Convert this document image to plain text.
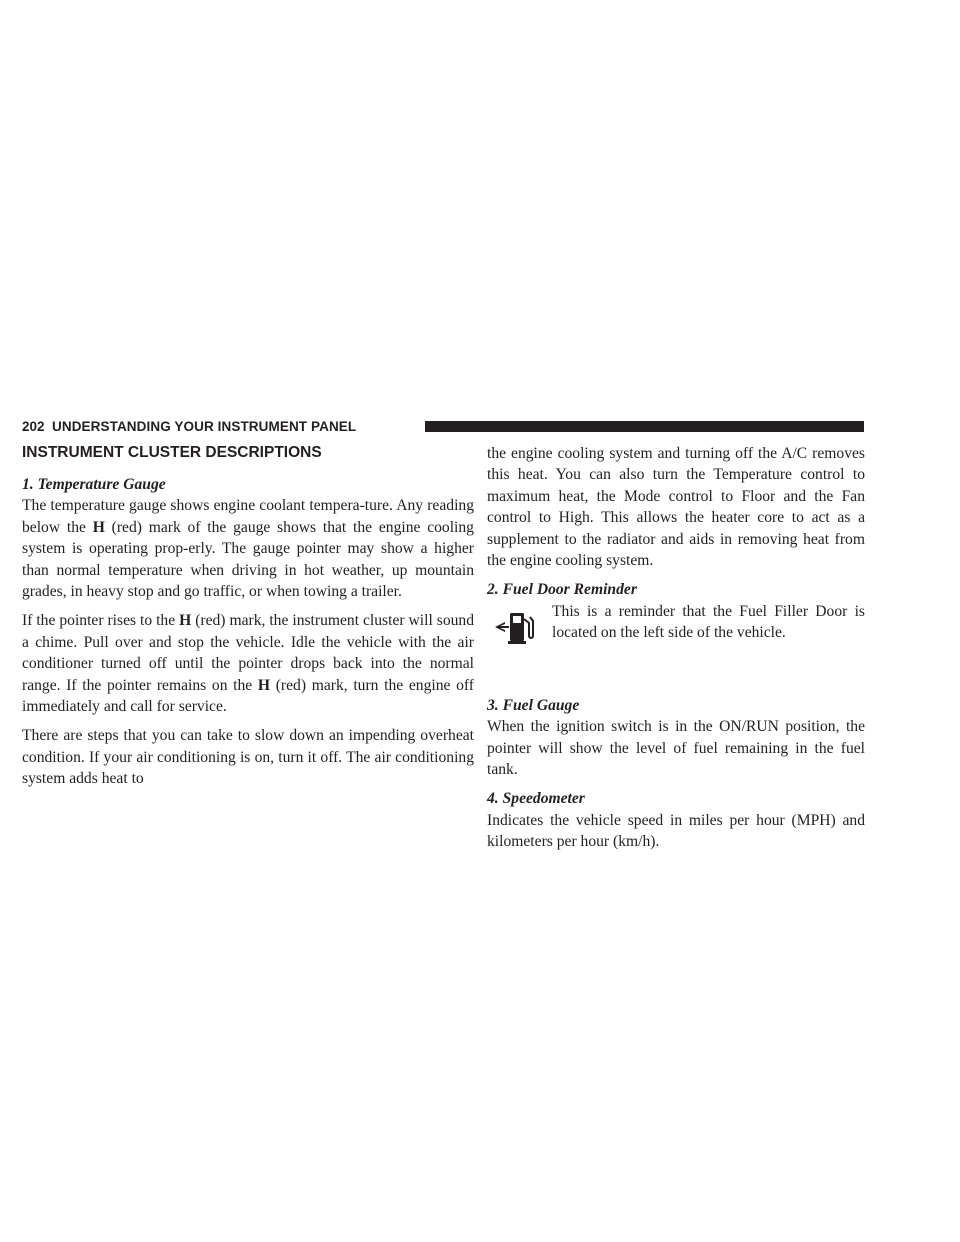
202 UNDERSTANDING YOUR INSTRUMENT PANEL
INSTRUMENT CLUSTER DESCRIPTIONS
1. Temperature Gauge

The temperature gauge shows engine coolant tempera-ture. Any reading below the H (red) mark of the gauge shows that the engine cooling system is operating prop-erly. The gauge pointer may show a higher than normal temperature when driving in hot weather, up mountain grades, in heavy stop and go traffic, or when towing a trailer.

If the pointer rises to the H (red) mark, the instrument cluster will sound a chime. Pull over and stop the vehicle. Idle the vehicle with the air conditioner turned off until the pointer drops back into the normal range. If the pointer remains on the H (red) mark, turn the engine off immediately and call for service.

There are steps that you can take to slow down an impending overheat condition. If your air conditioning is on, turn it off. The air conditioning system adds heat to

the engine cooling system and turning off the A/C removes this heat. You can also turn the Temperature control to maximum heat, the Mode control to Floor and the Fan control to High. This allows the heater core to act as a supplement to the radiator and aids in removing heat from the engine cooling system.

2. Fuel Door Reminder

This is a reminder that the Fuel Filler Door is located on the left side of the vehicle.

3. Fuel Gauge

When the ignition switch is in the ON/RUN position, the pointer will show the level of fuel remaining in the fuel tank.

4. Speedometer

Indicates the vehicle speed in miles per hour (MPH) and kilometers per hour (km/h).
